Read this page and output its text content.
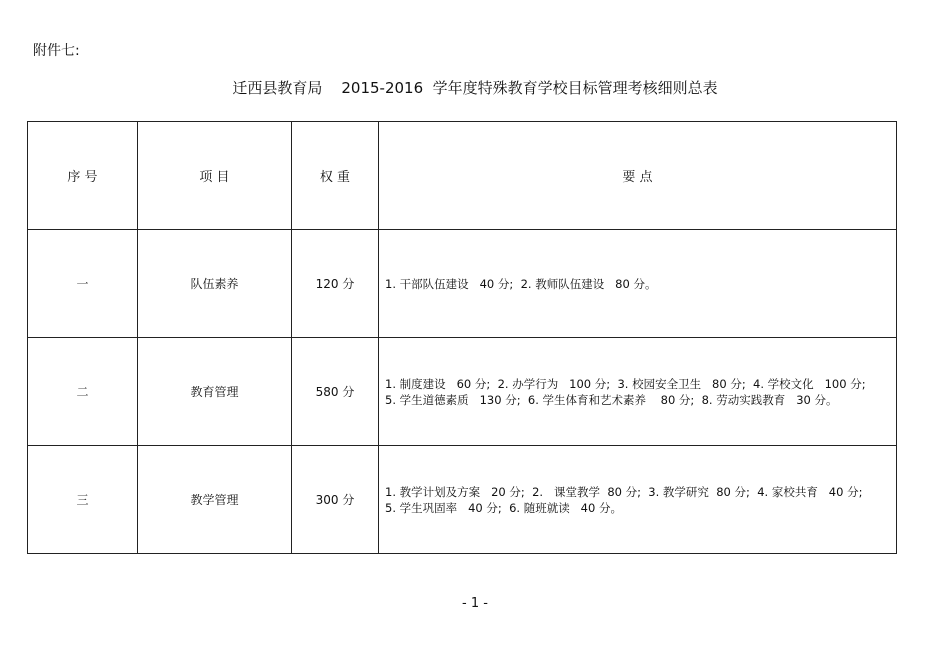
附件七:
迁西县教育局    2015-2016  学年度特殊教育学校目标管理考核细则总表
序 号	项 目	权 重	要 点
一	队伍素养	120 分	1. 干部队伍建设   40 分;  2. 教师队伍建设   80 分。

二	教育管理	580 分	1. 制度建设   60 分;  2. 办学行为   100 分;  3. 校园安全卫生   80 分;  4. 学校文化   100 分;
5. 学生道德素质   130 分;  6. 学生体育和艺术素养    80 分;  8. 劳动实践教育   30 分。

三	教学管理	300 分	1. 教学计划及方案   20 分;  2.   课堂教学  80 分;  3. 教学研究  80 分;  4. 家校共育   40 分;
5. 学生巩固率   40 分;  6. 随班就读   40 分。
- 1 -
